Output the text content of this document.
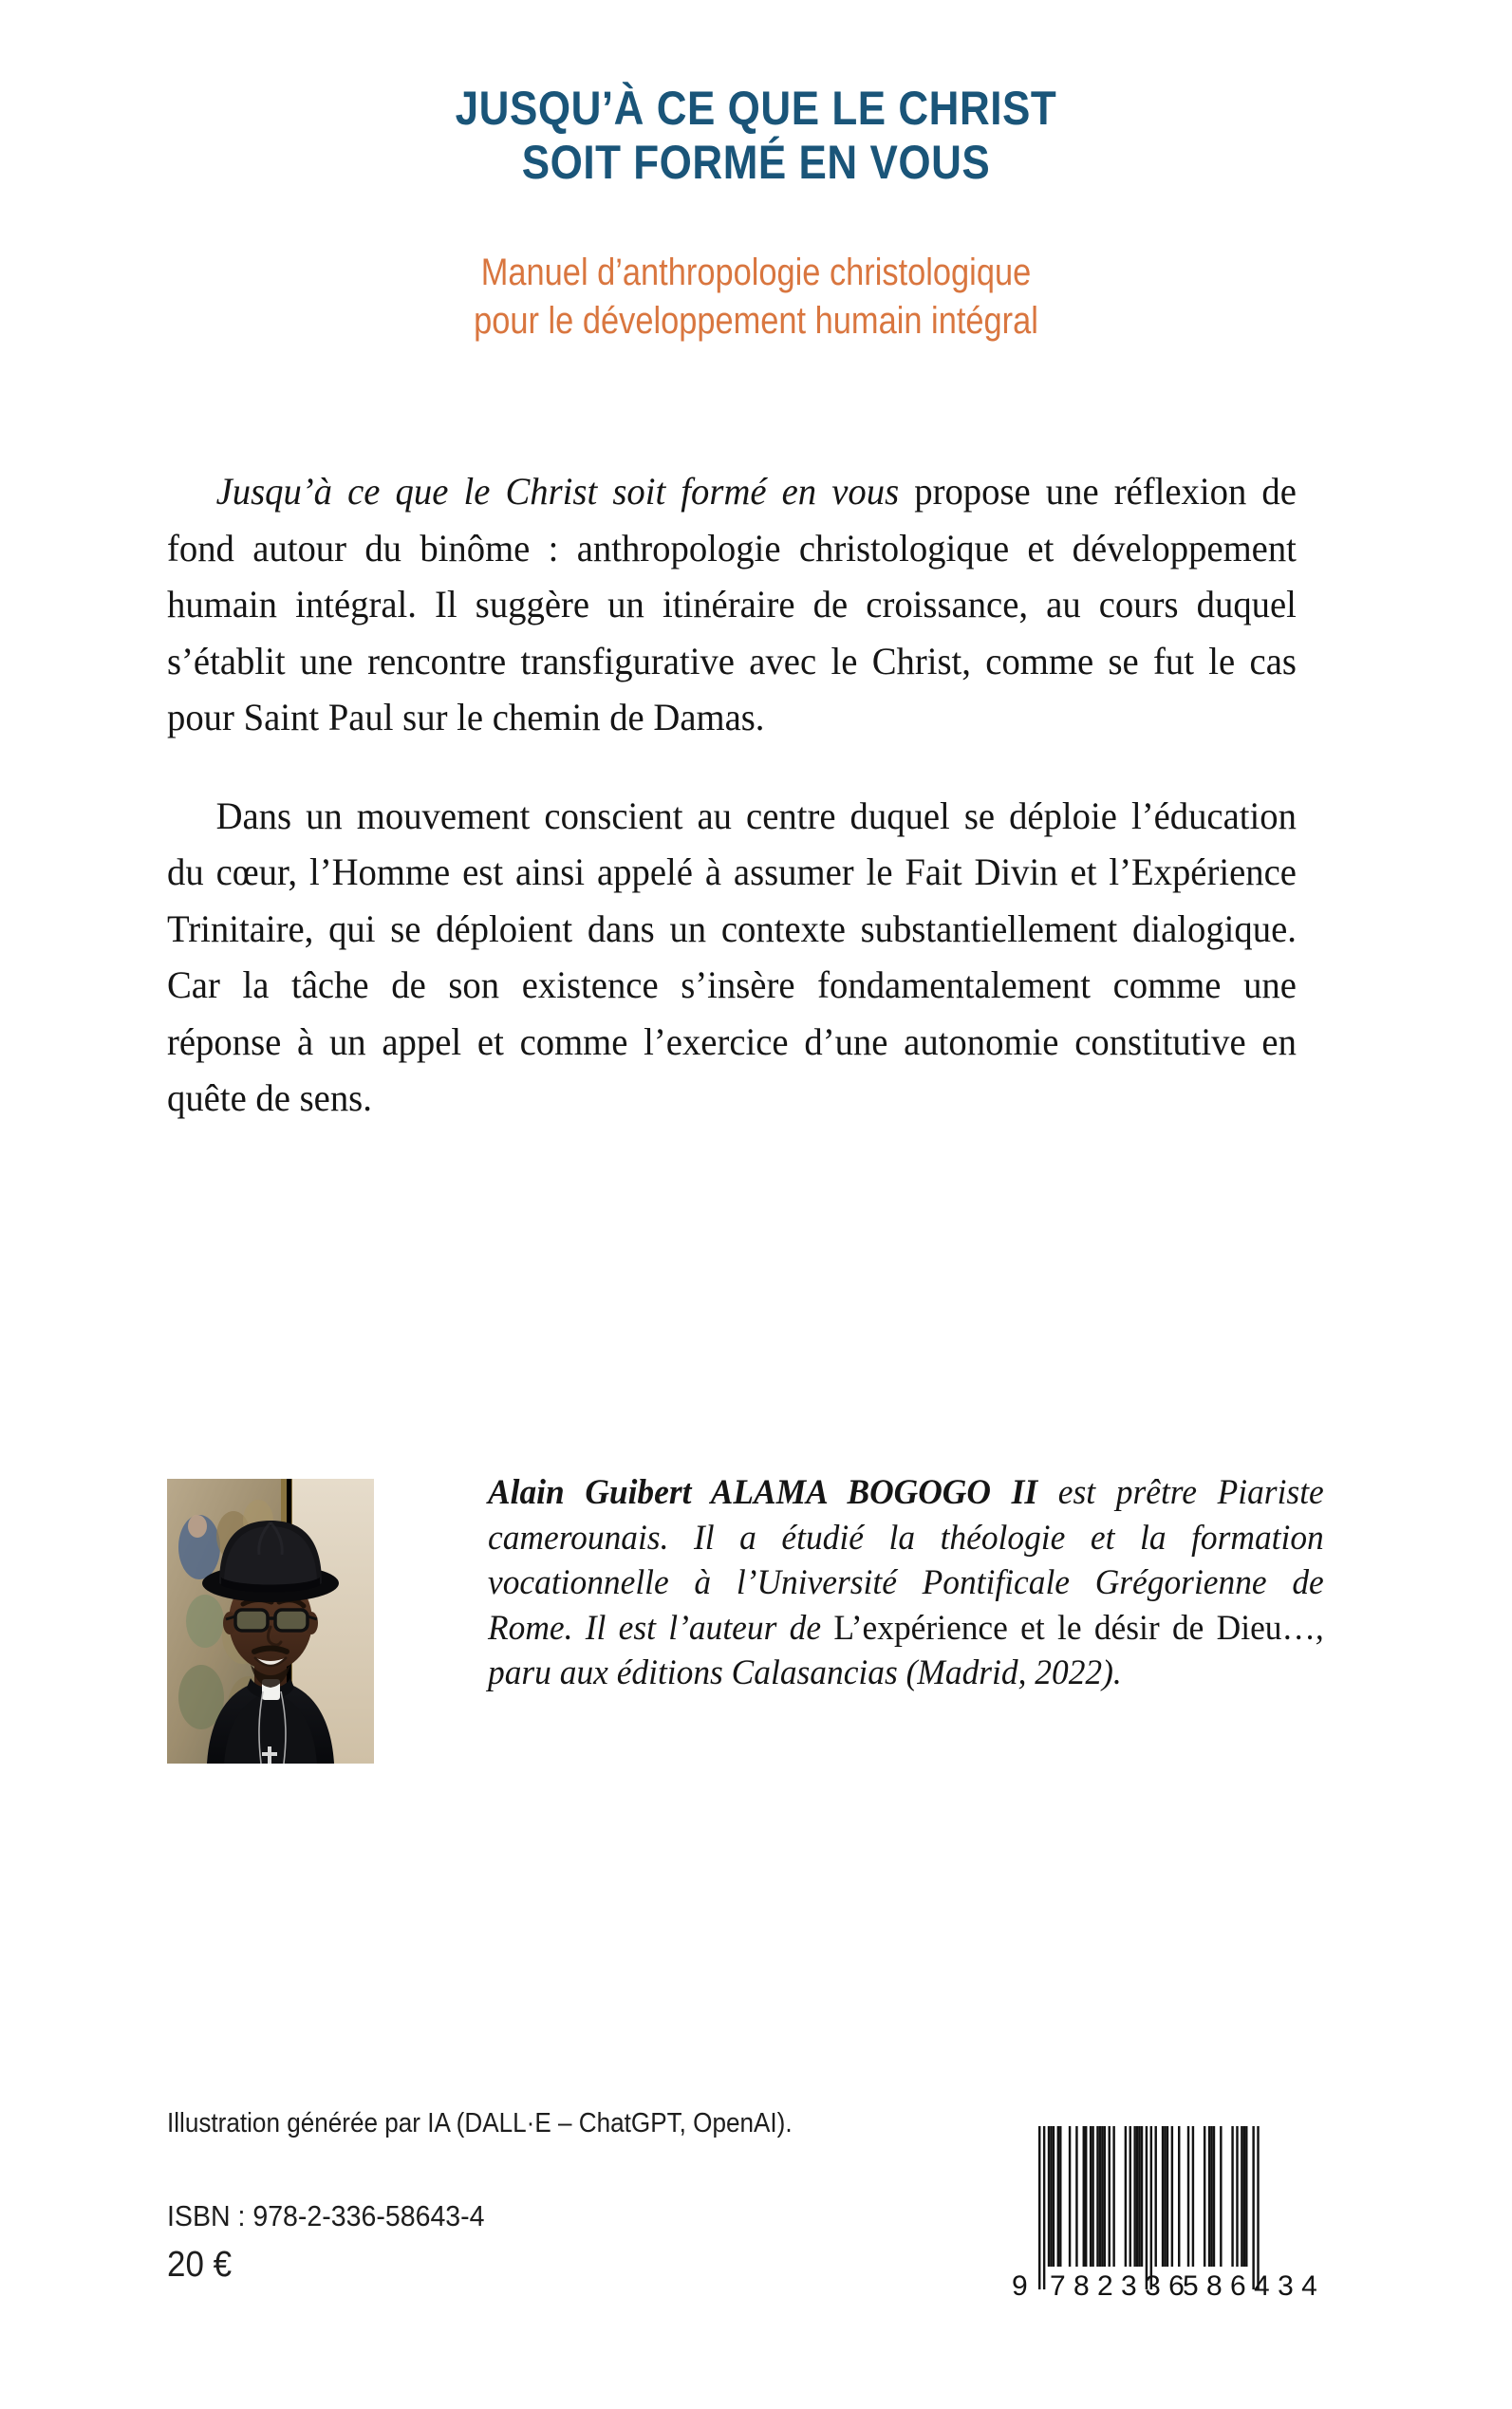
JUSQU’À CE QUE LE CHRIST
SOIT FORMÉ EN VOUS
Manuel d’anthropologie christologique
pour le développement humain intégral

Jusqu’à ce que le Christ soit formé en vous propose une réflexion de fond autour du binôme : anthropologie christologique et développement humain intégral. Il suggère un itinéraire de croissance, au cours duquel s’établit une rencontre transfigurative avec le Christ, comme se fut le cas pour Saint Paul sur le chemin de Damas.

Dans un mouvement conscient au centre duquel se déploie l’éducation du cœur, l’Homme est ainsi appelé à assumer le Fait Divin et l’Expérience Trinitaire, qui se déploient dans un contexte substantiellement dialogique. Car la tâche de son existence s’insère fondamentalement comme une réponse à un appel et comme l’exercice d’une autonomie constitutive en quête de sens.

Alain Guibert ALAMA BOGOGO II est prêtre Piariste camerounais. Il a étudié la théologie et la formation vocationnelle à l’Université Pontificale Grégorienne de Rome. Il est l’auteur de L’expérience et le désir de Dieu…, paru aux éditions Calasancias (Madrid, 2022).
Illustration générée par IA (DALL·E – ChatGPT, OpenAI).
ISBN : 978-2-336-58643-4
20 €
9 7 8 2 3 3 6
5 8 6 4 3 4
